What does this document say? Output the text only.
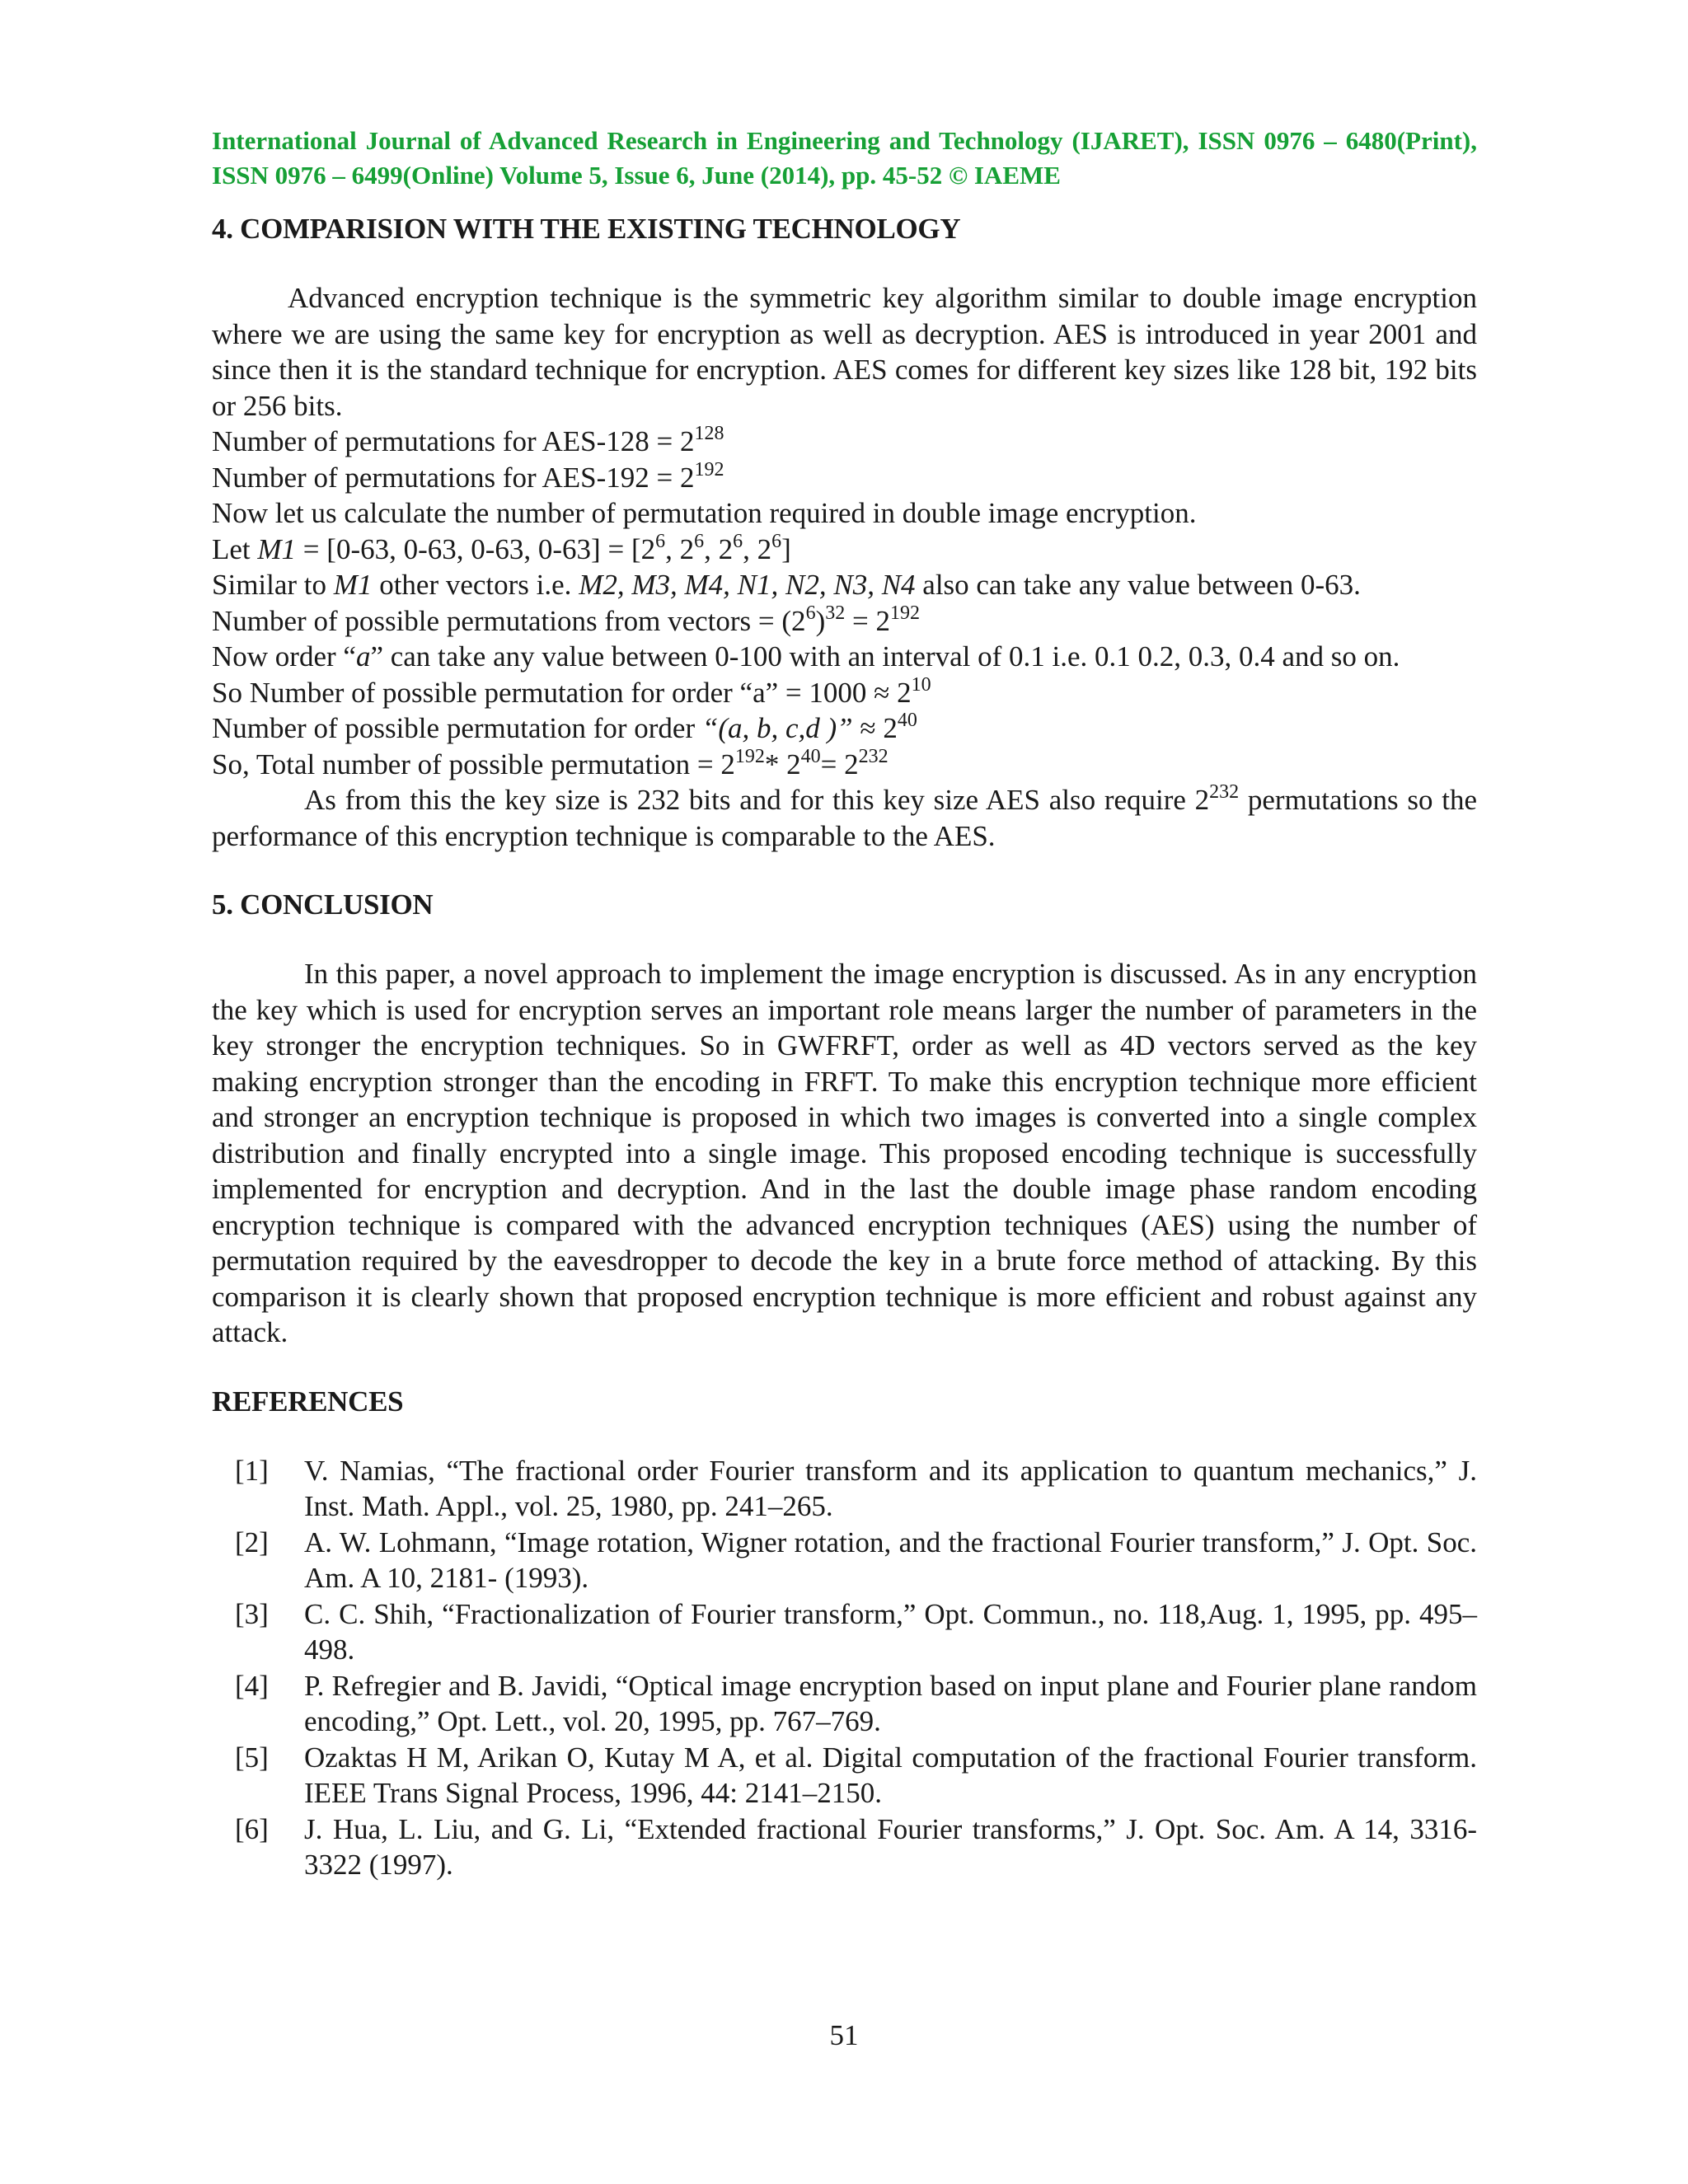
International Journal of Advanced Research in Engineering and Technology (IJARET), ISSN 0976 – 6480(Print), ISSN 0976 – 6499(Online) Volume 5, Issue 6, June (2014), pp. 45-52 © IAEME

4. COMPARISION WITH THE EXISTING TECHNOLOGY

Advanced encryption technique is the symmetric key algorithm similar to double image encryption where we are using the same key for encryption as well as decryption. AES is introduced in year 2001 and since then it is the standard technique for encryption. AES comes for different key sizes like 128 bit, 192 bits or 256 bits.

Number of permutations for $AES-128 = 2^{128}$

Number of permutations for $AES-192 = 2^{192}$

Now let us calculate the number of permutation required in double image encryption.

Let M1 = [0-63, 0-63, 0-63, $0-63] = [2^6$, $2^6$, $2^6$, $2^6$]

Similar to M1 other vectors i.e. M2, M3, M4, N1, N2, N3, N4 also can take any value between 0-63.

Number of possible permutations from vectors = $(2^6)^{32} = 2^{192}$

Now order “a” can take any value between 0-100 with an interval of 0.1 i.e. 0.1 0.2, 0.3, 0.4 and so on.

So Number of possible permutation for order “a” = $1000 \approx 2^{10}$

Number of possible permutation for order “(a, b, c,d )” ≈ $2^{40}$

So, Total number of possible permutation = $2^{192}*$ $2^{40}= 2^{232}$

As from this the key size is 232 bits and for this key size AES also require $2^{232}$ permutations so the performance of this encryption technique is comparable to the AES.

5. CONCLUSION

In this paper, a novel approach to implement the image encryption is discussed. As in any encryption the key which is used for encryption serves an important role means larger the number of parameters in the key stronger the encryption techniques. So in GWFRFT, order as well as 4D vectors served as the key making encryption stronger than the encoding in FRFT. To make this encryption technique more efficient and stronger an encryption technique is proposed in which two images is converted into a single complex distribution and finally encrypted into a single image. This proposed encoding technique is successfully implemented for encryption and decryption. And in the last the double image phase random encoding encryption technique is compared with the advanced encryption techniques (AES) using the number of permutation required by the eavesdropper to decode the key in a brute force method of attacking. By this comparison it is clearly shown that proposed encryption technique is more efficient and robust against any attack.

REFERENCES
[1]	V. Namias, “The fractional order Fourier transform and its application to quantum mechanics,” J. Inst. Math. Appl., vol. 25, 1980, pp. 241–265.
[2]	A. W. Lohmann, “Image rotation, Wigner rotation, and the fractional Fourier transform,” J. Opt. Soc. Am. A 10, 2181- (1993).
[3]	C. C. Shih, “Fractionalization of Fourier transform,” Opt. Commun., no. 118,Aug. 1, 1995, pp. 495–498.
[4]	P. Refregier and B. Javidi, “Optical image encryption based on input plane and Fourier plane random encoding,” Opt. Lett., vol. 20, 1995, pp. 767–769.
[5]	Ozaktas H M, Arikan O, Kutay M A, et al. Digital computation of the fractional Fourier transform. IEEE Trans Signal Process, 1996, 44: 2141–2150.
[6]	J. Hua, L. Liu, and G. Li, “Extended fractional Fourier transforms,” J. Opt. Soc. Am. A 14, 3316-3322 (1997).

51
